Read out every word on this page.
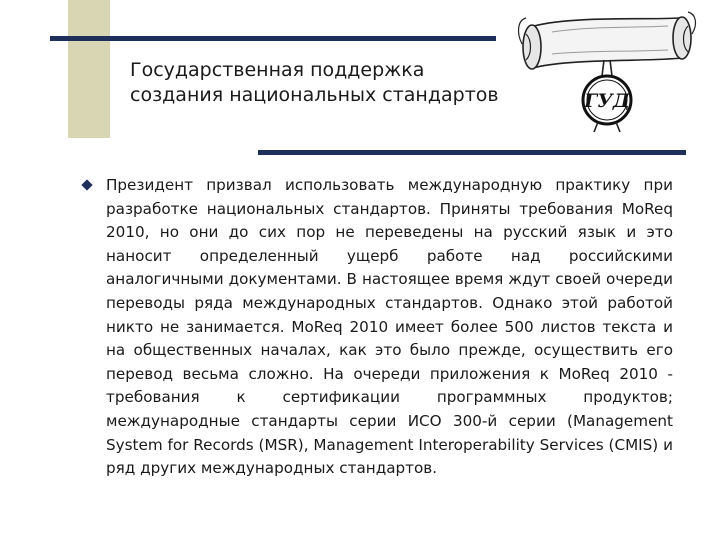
Государственная поддержка
создания национальных стандартов	ГУД
Президент призвал использовать международную практику при разработке национальных стандартов. Приняты требования MoReq 2010, но они до сих пор не переведены на русский язык и это наносит определенный ущерб работе над российскими аналогичными документами. В настоящее время ждут своей очереди переводы ряда международных стандартов. Однако этой работой никто не занимается. MoReq 2010 имеет более 500 листов текста и на общественных началах, как это было прежде, осуществить его перевод весьма сложно. На очереди приложения к MoReq 2010 - требования к сертификации программных продуктов; международные стандарты серии ИСО 300-й серии (Management System for Records (MSR), Management Interoperability Services (CMIS) и ряд других международных стандартов.
